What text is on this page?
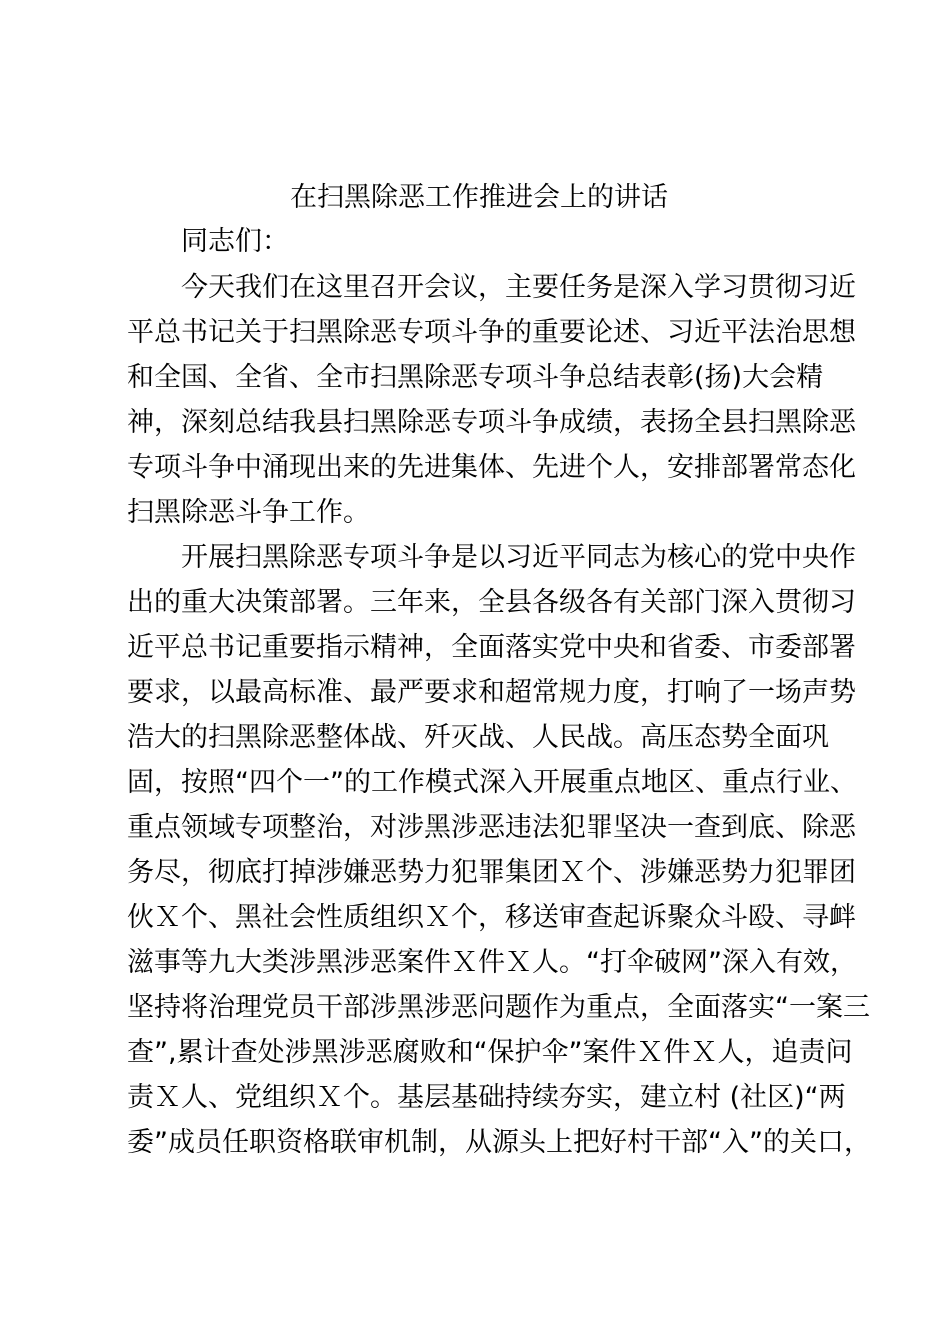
在扫黑除恶工作推进会上的讲话
同志们：
今天我们在这里召开会议，主要任务是深入学习贯彻习近
平总书记关于扫黑除恶专项斗争的重要论述、习近平法治思想
和全国、全省、全市扫黑除恶专项斗争总结表彰(扬)大会精
神，深刻总结我县扫黑除恶专项斗争成绩，表扬全县扫黑除恶
专项斗争中涌现出来的先进集体、先进个人，安排部署常态化
扫黑除恶斗争工作。
开展扫黑除恶专项斗争是以习近平同志为核心的党中央作
出的重大决策部署。三年来，全县各级各有关部门深入贯彻习
近平总书记重要指示精神，全面落实党中央和省委、市委部署
要求，以最高标准、最严要求和超常规力度，打响了一场声势
浩大的扫黑除恶整体战、歼灭战、人民战。高压态势全面巩
固，按照“四个一”的工作模式深入开展重点地区、重点行业、
重点领域专项整治，对涉黑涉恶违法犯罪坚决一查到底、除恶
务尽，彻底打掉涉嫌恶势力犯罪集团Ｘ个、涉嫌恶势力犯罪团
伙Ｘ个、黑社会性质组织Ｘ个，移送审查起诉聚众斗殴、寻衅
滋事等九大类涉黑涉恶案件Ｘ件Ｘ人。“打伞破网”深入有效，
坚持将治理党员干部涉黑涉恶问题作为重点，全面落实“一案三
查”,累计查处涉黑涉恶腐败和“保护伞”案件Ｘ件Ｘ人，追责问
责Ｘ人、党组织Ｘ个。基层基础持续夯实，建立村 (社区)“两
委”成员任职资格联审机制，从源头上把好村干部“入”的关口，
